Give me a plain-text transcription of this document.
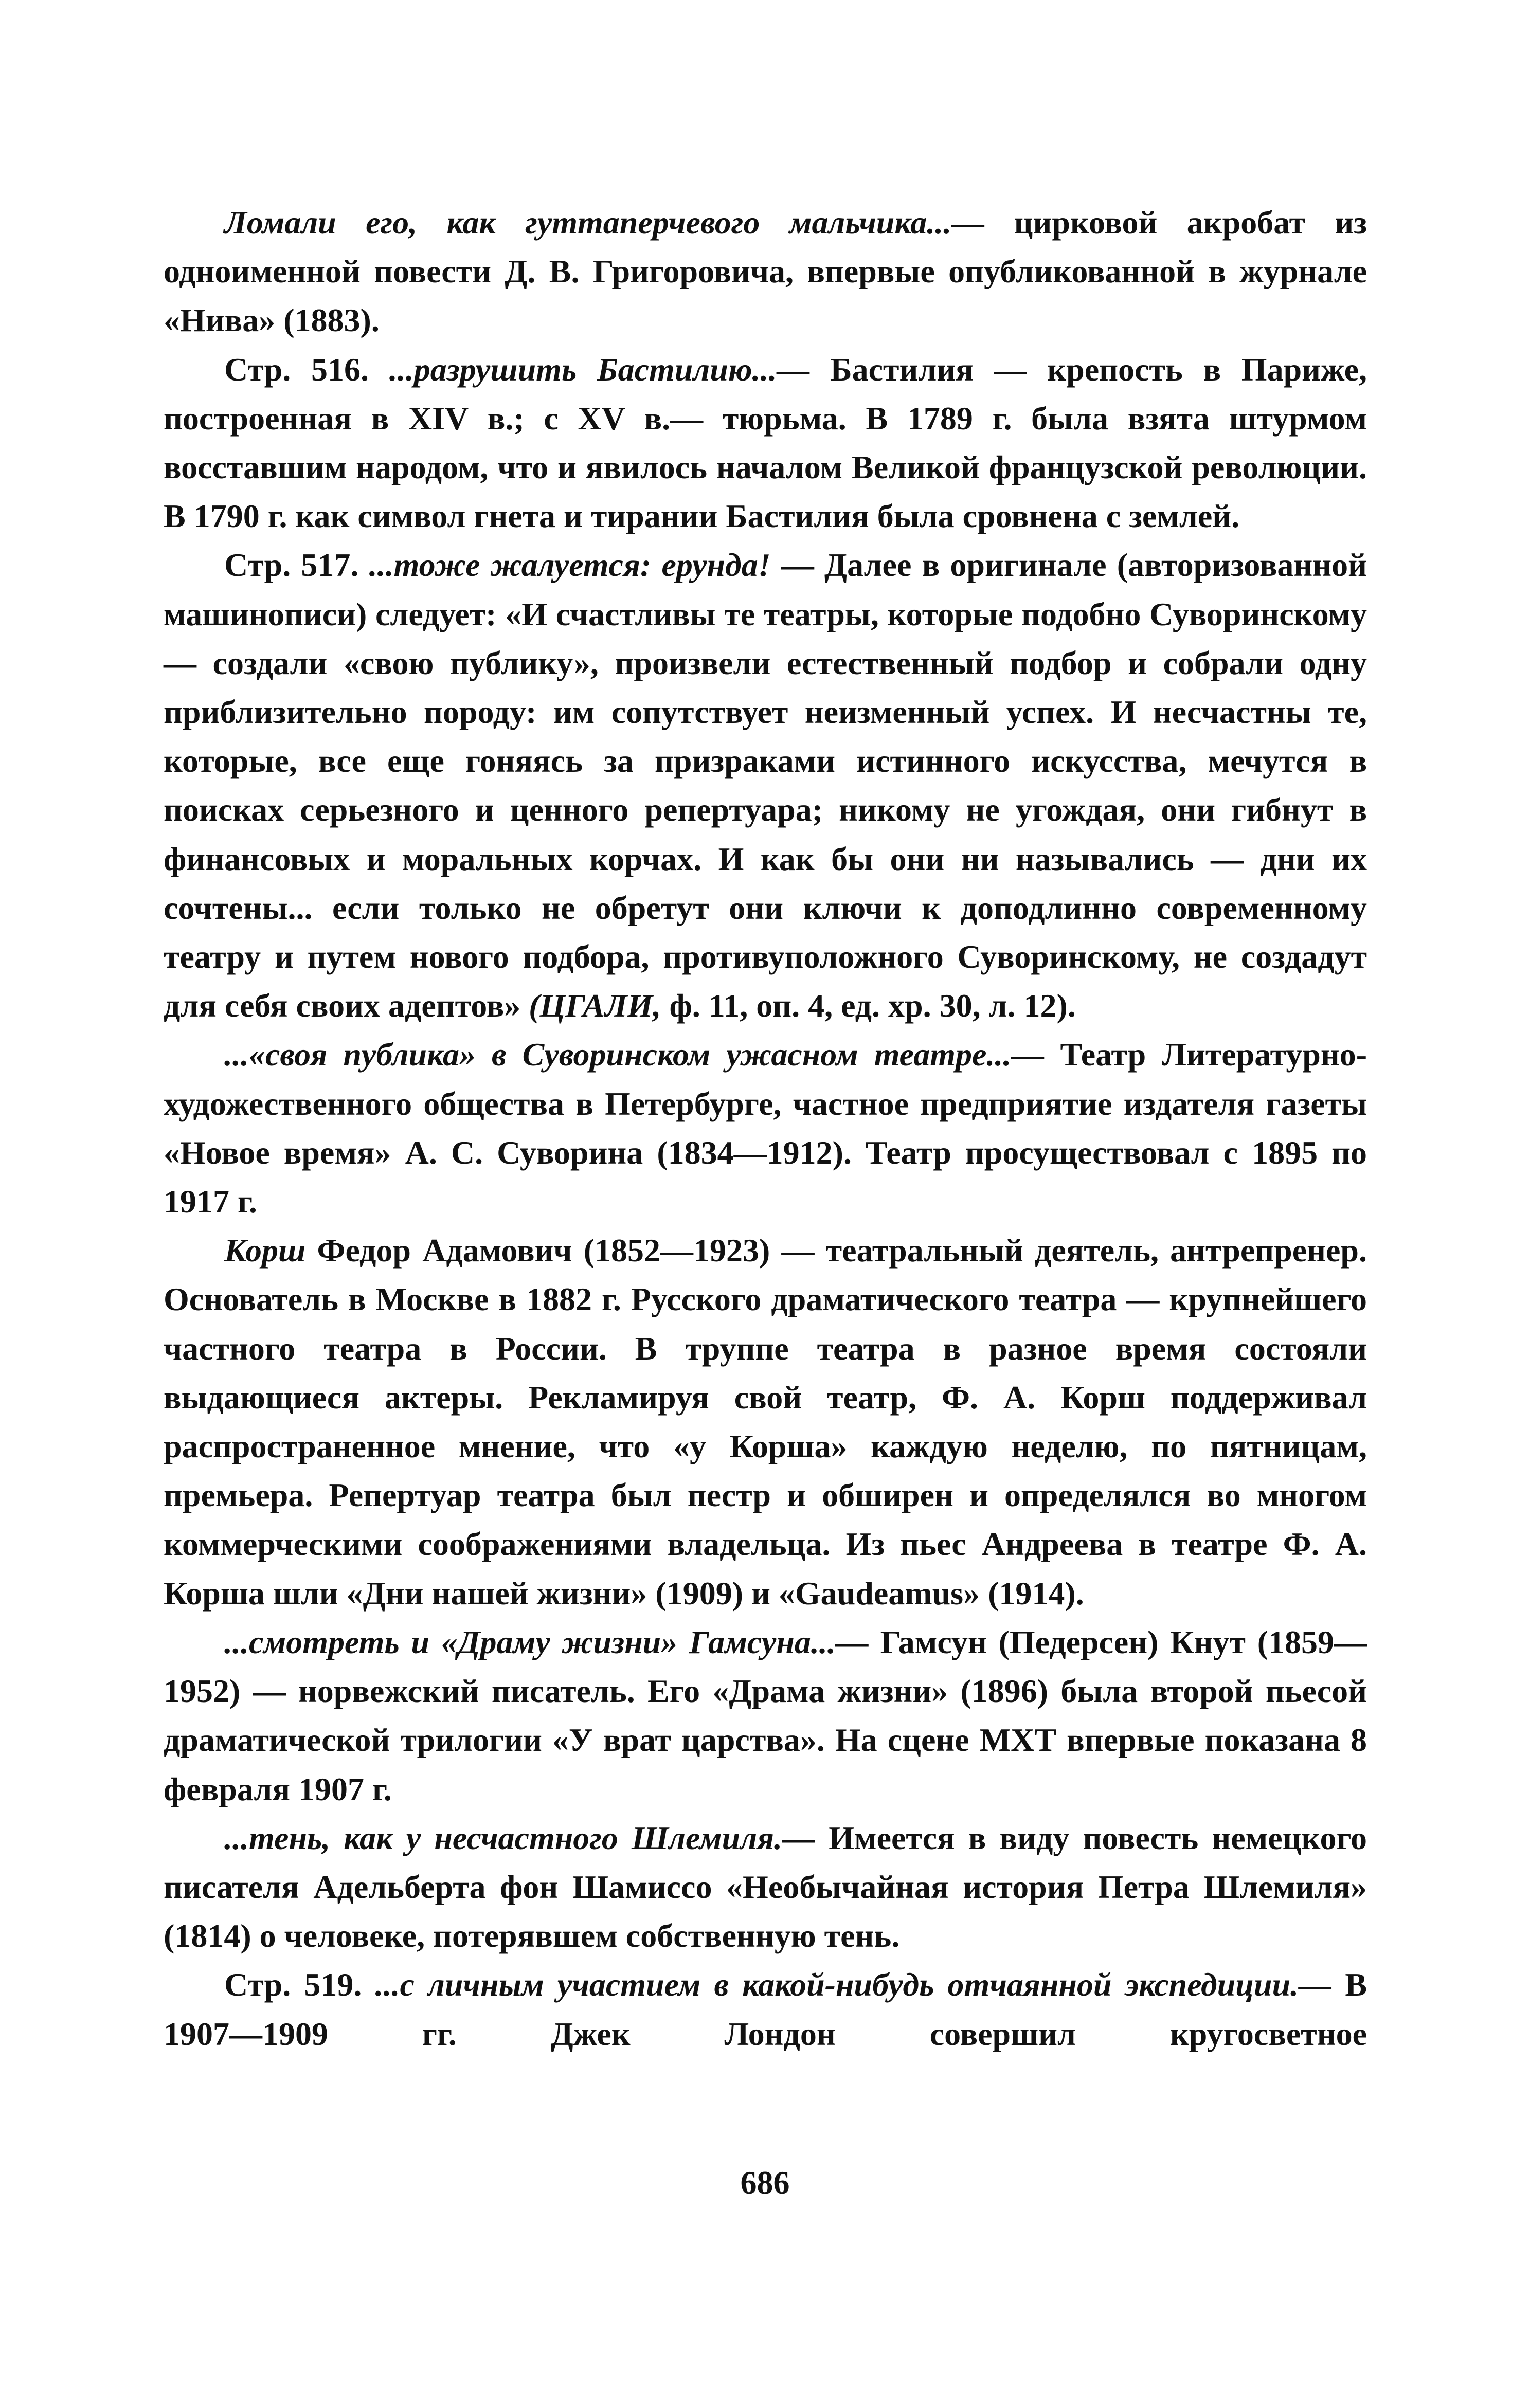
Ломали его, как гуттаперчевого мальчика...— цирковой акробат из одноименной повести Д. В. Григоровича, впервые опубликованной в журнале «Нива» (1883).

Стр. 516. ...разрушить Бастилию...— Бастилия — крепость в Париже, построенная в XIV в.; с XV в.— тюрьма. В 1789 г. была взята штурмом восставшим народом, что и явилось началом Великой французской революции. В 1790 г. как символ гнета и тирании Бастилия была сровнена с землей.

Стр. 517. ...тоже жалуется: ерунда! — Далее в оригинале (авторизованной машинописи) следует: «И счастливы те театры, которые подобно Суворинскому — создали «свою публику», произвели естественный подбор и собрали одну приблизительно породу: им сопутствует неизменный успех. И несчастны те, которые, все еще гоняясь за призраками истинного искусства, мечутся в поисках серьезного и ценного репертуара; никому не угождая, они гибнут в финансовых и моральных корчах. И как бы они ни назывались — дни их сочтены... если только не обретут они ключи к доподлинно современному театру и путем нового подбора, противуположного Суворинскому, не создадут для себя своих адептов» (ЦГАЛИ, ф. 11, оп. 4, ед. хр. 30, л. 12).

...«своя публика» в Суворинском ужасном театре...— Театр Литературно-художественного общества в Петербурге, частное предприятие издателя газеты «Новое время» А. С. Суворина (1834—1912). Театр просуществовал с 1895 по 1917 г.

Корш Федор Адамович (1852—1923) — театральный деятель, антрепренер. Основатель в Москве в 1882 г. Русского драматического театра — крупнейшего частного театра в России. В труппе театра в разное время состояли выдающиеся актеры. Рекламируя свой театр, Ф. А. Корш поддерживал распространенное мнение, что «у Корша» каждую неделю, по пятницам, премьера. Репертуар театра был пестр и обширен и определялся во многом коммерческими соображениями владельца. Из пьес Андреева в театре Ф. А. Корша шли «Дни нашей жизни» (1909) и «Gaudeamus» (1914).

...смотреть и «Драму жизни» Гамсуна...— Гамсун (Педерсен) Кнут (1859—1952) — норвежский писатель. Его «Драма жизни» (1896) была второй пьесой драматической трилогии «У врат царства». На сцене МХТ впервые показана 8 февраля 1907 г.

...тень, как у несчастного Шлемиля.— Имеется в виду повесть немецкого писателя Адельберта фон Шамиссо «Необычайная история Петра Шлемиля» (1814) о человеке, потерявшем собственную тень.

Стр. 519. ...с личным участием в какой-нибудь отчаянной экспедиции.— В 1907—1909 гг. Джек Лондон совершил кругосветное

686
